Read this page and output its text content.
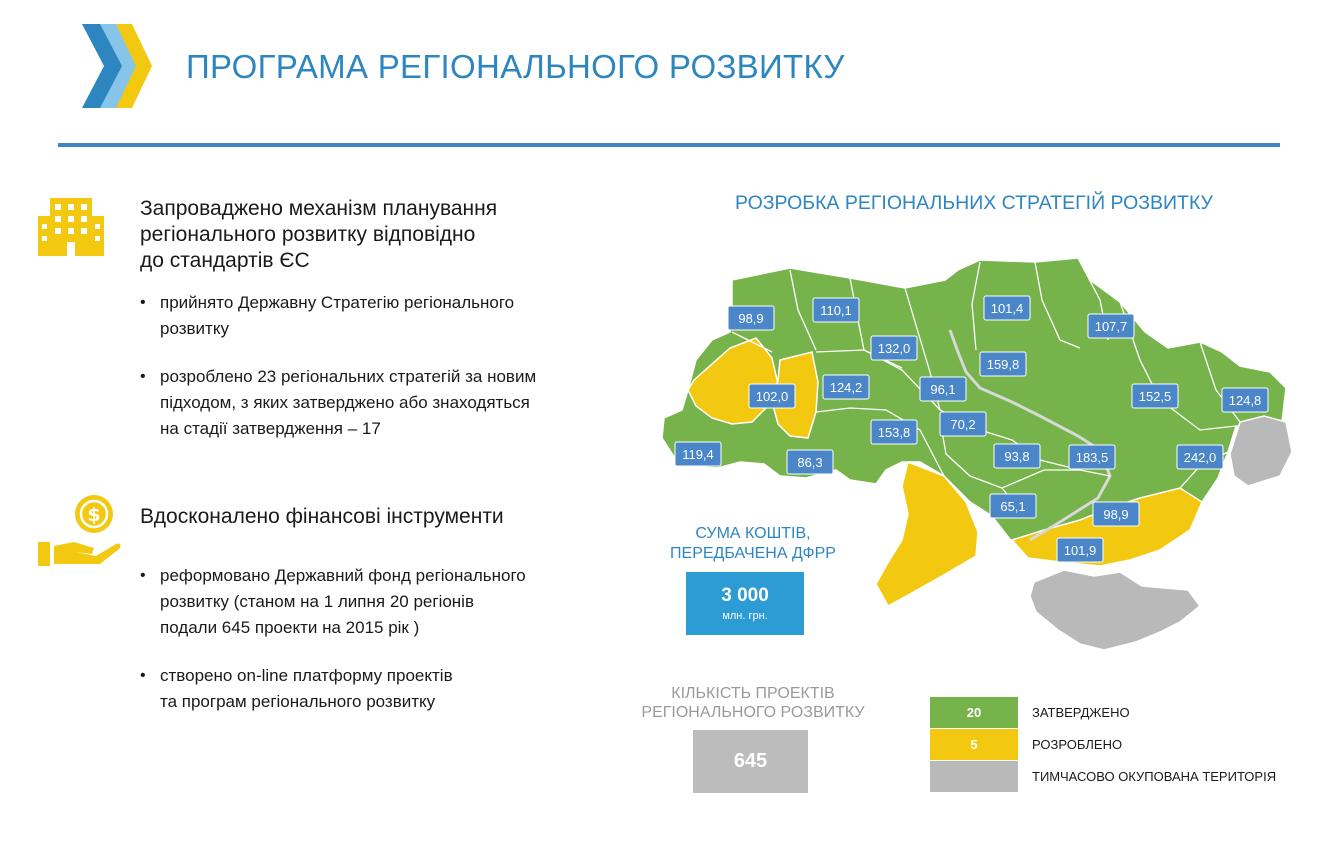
ПРОГРАМА РЕГІОНАЛЬНОГО РОЗВИТКУ
Запроваджено механізм планування
регіонального розвитку відповідно
до стандартів ЄС
• прийнято Державну Стратегію регіонального
розвитку
• розроблено 23 регіональних стратегій за новим
підходом, з яких затверджено або знаходяться
на стадії затвердження – 17
$ Вдосконалено фінансові інструменти
• реформовано Державний фонд регіонального
розвитку (станом на 1 липня 20 регіонів
подали 645 проекти на 2015 рік )
• створено on-line платформу проектів
та програм регіонального розвитку
РОЗРОБКА РЕГІОНАЛЬНИХ СТРАТЕГІЙ РОЗВИТКУ
98,9
110,1	101,4
107,7
132,0
159,8
102,0
124,2	96,1	152,5	124,8
70,2
153,8
119,4
86,3	93,8	183,5	242,0
65,1
98,9
101,9
СУМА КОШТІВ,
ПЕРЕДБАЧЕНА ДФРР
3 000
млн. грн.
КІЛЬКІСТЬ ПРОЕКТІВ
РЕГІОНАЛЬНОГО РОЗВИТКУ
645
20	ЗАТВЕРДЖЕНО
5	РОЗРОБЛЕНО
ТИМЧАСОВО ОКУПОВАНА ТЕРИТОРІЯ
